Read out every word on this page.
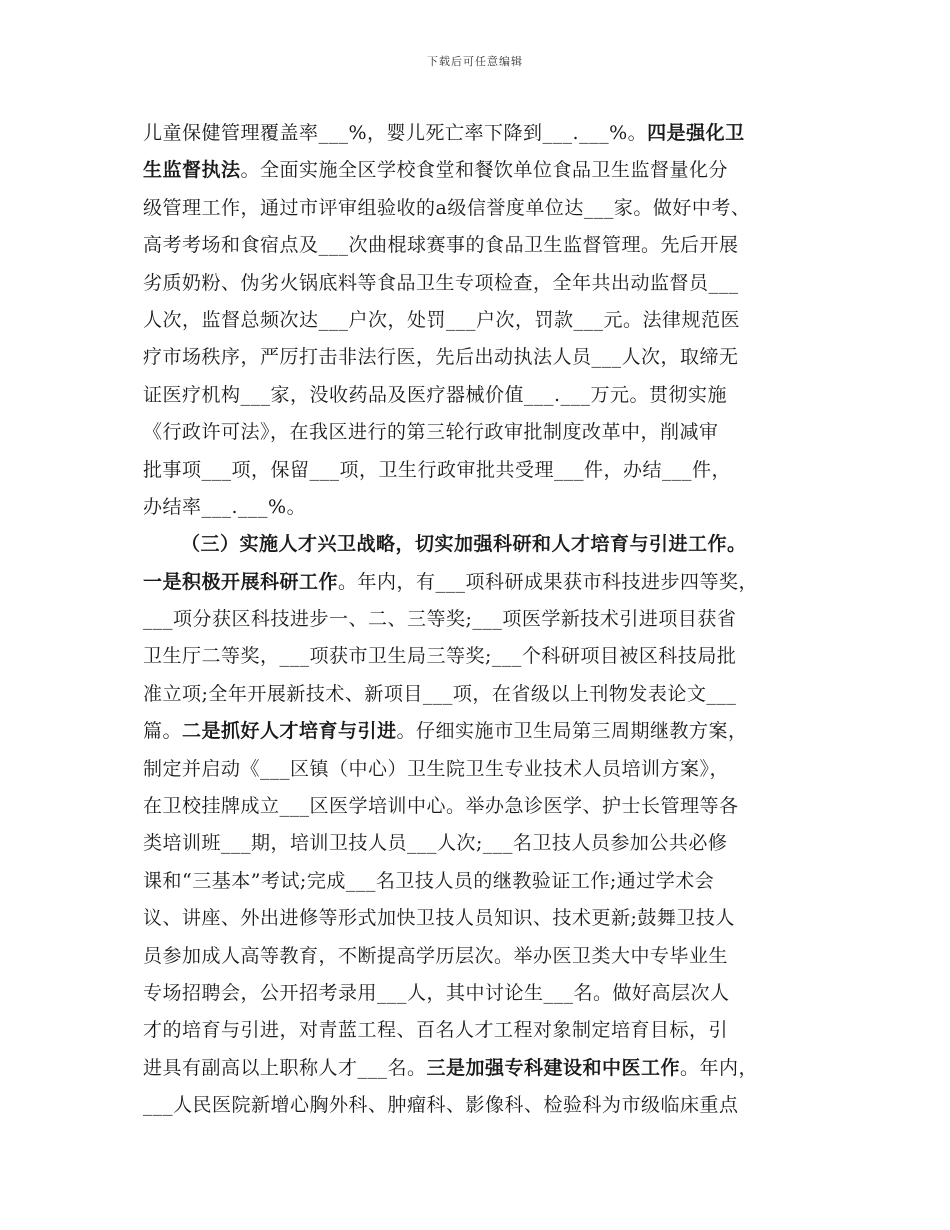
下载后可任意编辑
儿童保健管理覆盖率___%，婴儿死亡率下降到___.___%。四是强化卫
生监督执法。全面实施全区学校食堂和餐饮单位食品卫生监督量化分
级管理工作，通过市评审组验收的a级信誉度单位达___家。做好中考、
高考考场和食宿点及___次曲棍球赛事的食品卫生监督管理。先后开展
劣质奶粉、伪劣火锅底料等食品卫生专项检查，全年共出动监督员___
人次，监督总频次达___户次，处罚___户次，罚款___元。法律规范医
疗市场秩序，严厉打击非法行医，先后出动执法人员___人次，取缔无
证医疗机构___家，没收药品及医疗器械价值___.___万元。贯彻实施
《行政许可法》，在我区进行的第三轮行政审批制度改革中，削减审
批事项___项，保留___项，卫生行政审批共受理___件，办结___件，
办结率___.___%。
（三）实施人才兴卫战略，切实加强科研和人才培育与引进工作。
一是积极开展科研工作。年内，有___项科研成果获市科技进步四等奖，
___项分获区科技进步一、二、三等奖;___项医学新技术引进项目获省
卫生厅二等奖，___项获市卫生局三等奖;___个科研项目被区科技局批
准立项;全年开展新技术、新项目___项，在省级以上刊物发表论文___
篇。二是抓好人才培育与引进。仔细实施市卫生局第三周期继教方案，
制定并启动《___区镇（中心）卫生院卫生专业技术人员培训方案》，
在卫校挂牌成立___区医学培训中心。举办急诊医学、护士长管理等各
类培训班___期，培训卫技人员___人次;___名卫技人员参加公共必修
课和“三基本”考试;完成___名卫技人员的继教验证工作;通过学术会
议、讲座、外出进修等形式加快卫技人员知识、技术更新;鼓舞卫技人
员参加成人高等教育，不断提高学历层次。举办医卫类大中专毕业生
专场招聘会，公开招考录用___人，其中讨论生___名。做好高层次人
才的培育与引进，对青蓝工程、百名人才工程对象制定培育目标，引
进具有副高以上职称人才___名。三是加强专科建设和中医工作。年内，
___人民医院新增心胸外科、肿瘤科、影像科、检验科为市级临床重点
